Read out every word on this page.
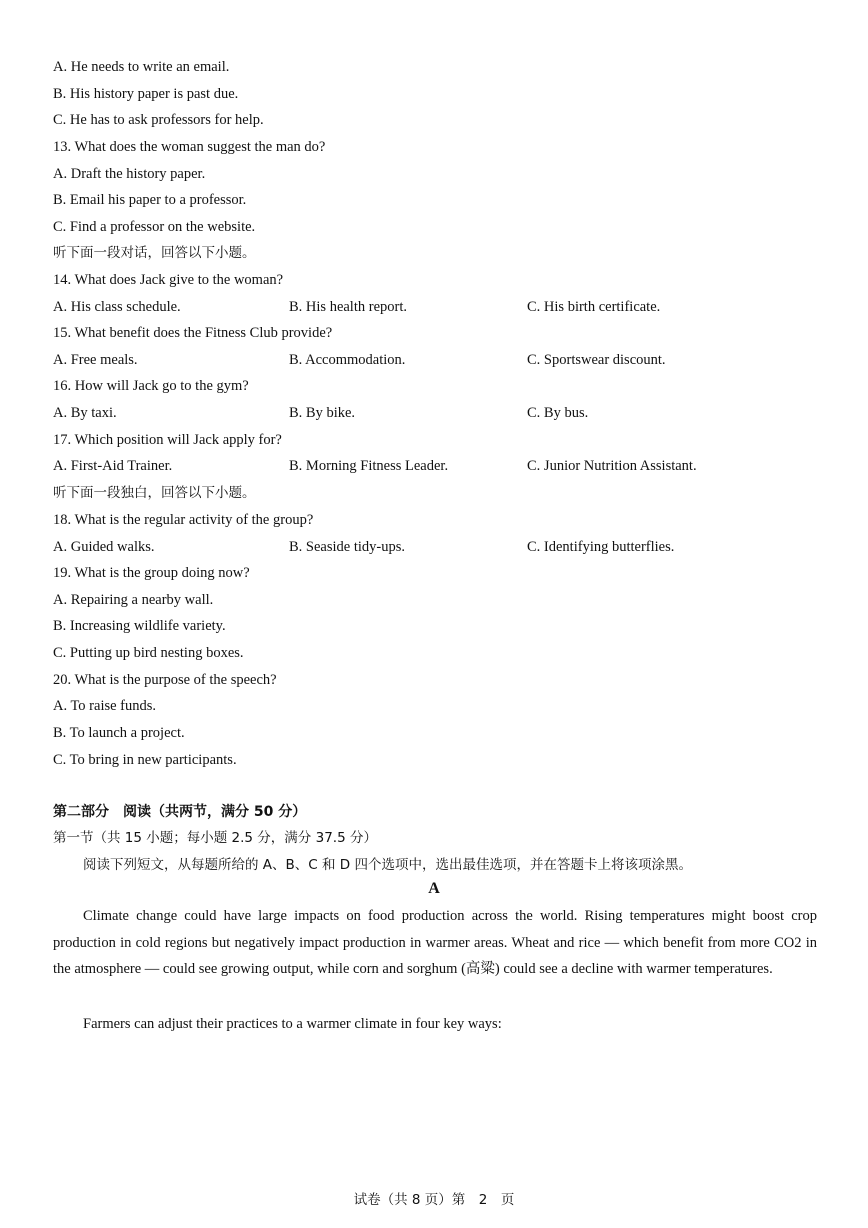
A. He needs to write an email.
B. His history paper is past due.
C. He has to ask professors for help.
13. What does the woman suggest the man do?
A. Draft the history paper.
B. Email his paper to a professor.
C. Find a professor on the website.
听下面一段对话，回答以下小题。
14. What does Jack give to the woman?
A. His class schedule.	B. His health report.	C. His birth certificate.
15. What benefit does the Fitness Club provide?
A. Free meals.	B. Accommodation.	C. Sportswear discount.
16. How will Jack go to the gym?
A. By taxi.	B. By bike.	C. By bus.
17. Which position will Jack apply for?
A. First-Aid Trainer.	B. Morning Fitness Leader.	C. Junior Nutrition Assistant.
听下面一段独白，回答以下小题。
18. What is the regular activity of the group?
A. Guided walks.	B. Seaside tidy-ups.	C. Identifying butterflies.
19. What is the group doing now?
A. Repairing a nearby wall.
B. Increasing wildlife variety.
C. Putting up bird nesting boxes.
20. What is the purpose of the speech?
A. To raise funds.
B. To launch a project.
C. To bring in new participants.
第二部分　阅读（共两节，满分 50 分）
第一节（共 15 小题；每小题 2.5 分，满分 37.5 分）
阅读下列短文，从每题所给的 A、B、C 和 D 四个选项中，选出最佳选项，并在答题卡上将该项涂黑。
A
Climate change could have large impacts on food production across the world. Rising temperatures might boost crop production in cold regions but negatively impact production in warmer areas. Wheat and rice — which benefit from more CO2 in the atmosphere — could see growing output, while corn and sorghum (高粱) could see a decline with warmer temperatures.
Farmers can adjust their practices to a warmer climate in four key ways:
试卷（共 8 页）第　2　页
